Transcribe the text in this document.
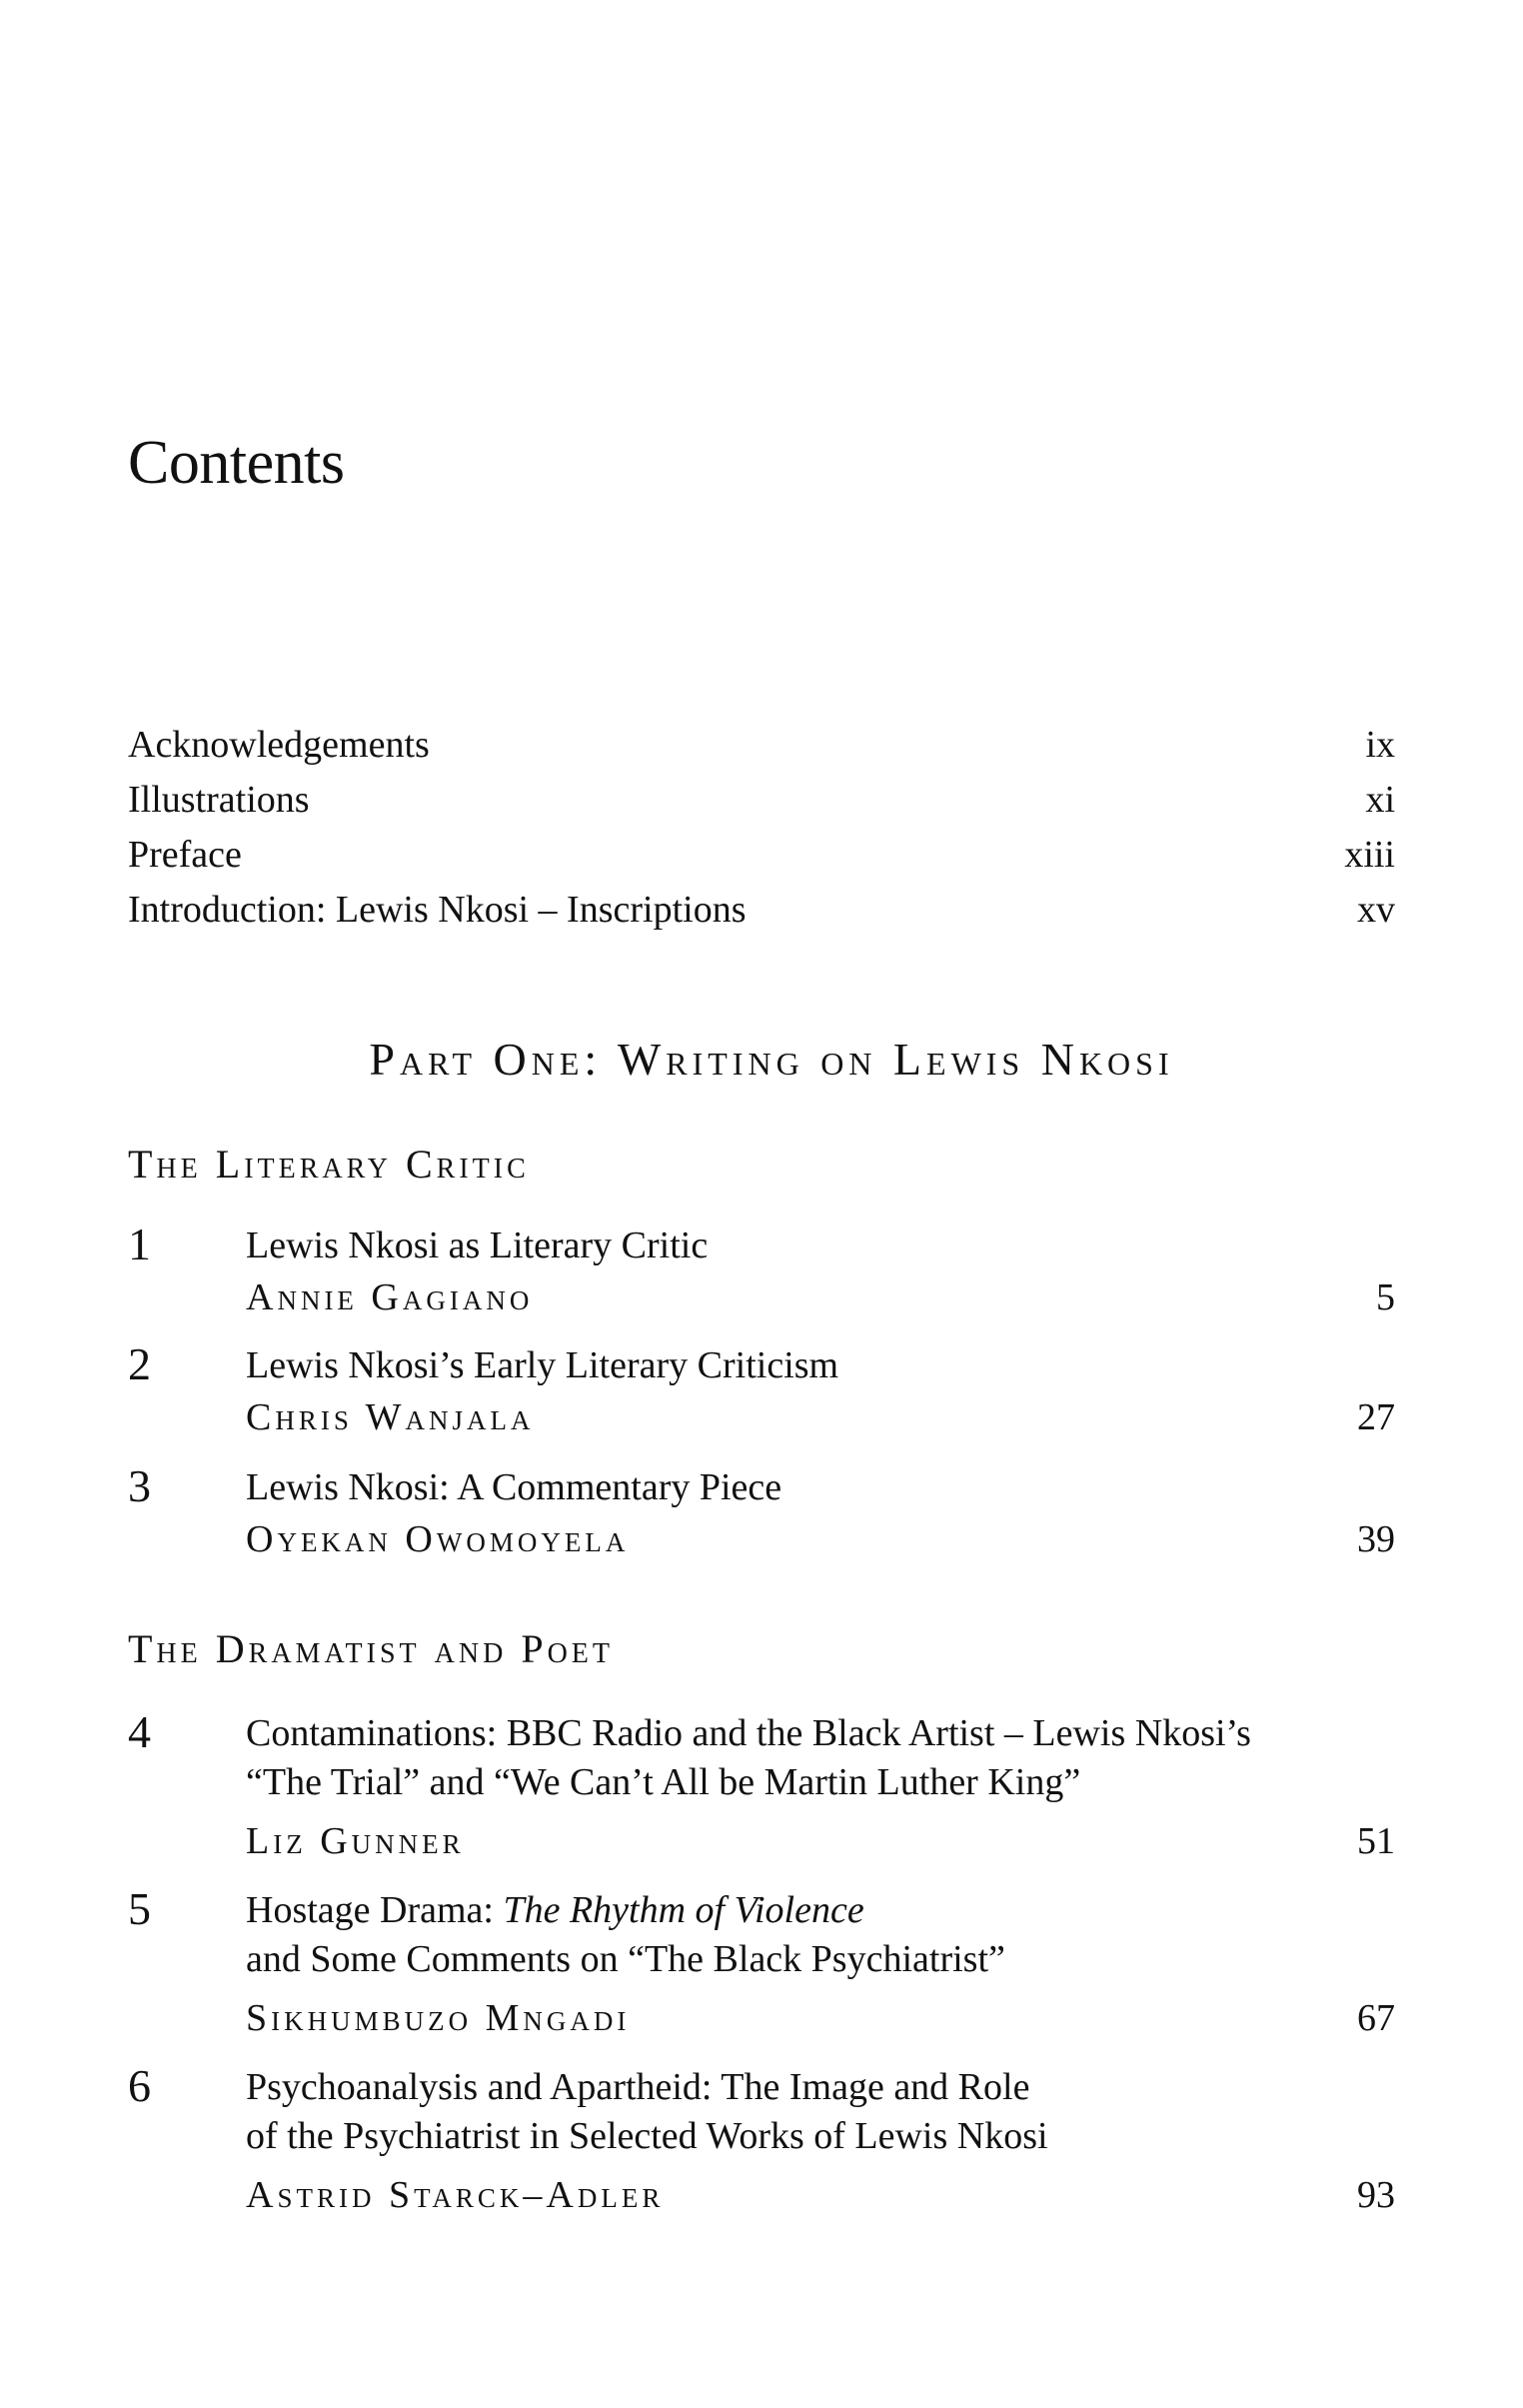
Contents
Acknowledgements	ix
Illustrations	xi
Preface	xiii
Introduction: Lewis Nkosi – Inscriptions	xv
Part One: Writing on Lewis Nkosi
The Literary Critic
1	Lewis Nkosi as Literary Critic
Annie Gagiano	5
2	Lewis Nkosi’s Early Literary Criticism
Chris Wanjala	27
3	Lewis Nkosi: A Commentary Piece
Oyekan Owomoyela	39
The Dramatist and Poet
4	Contaminations: BBC Radio and the Black Artist – Lewis Nkosi’s
“The Trial” and “We Can’t All be Martin Luther King”
Liz Gunner	51
5	Hostage Drama: The Rhythm of Violence
and Some Comments on “The Black Psychiatrist”
Sikhumbuzo Mngadi	67
6	Psychoanalysis and Apartheid: The Image and Role
of the Psychiatrist in Selected Works of Lewis Nkosi
Astrid Starck–Adler	93
